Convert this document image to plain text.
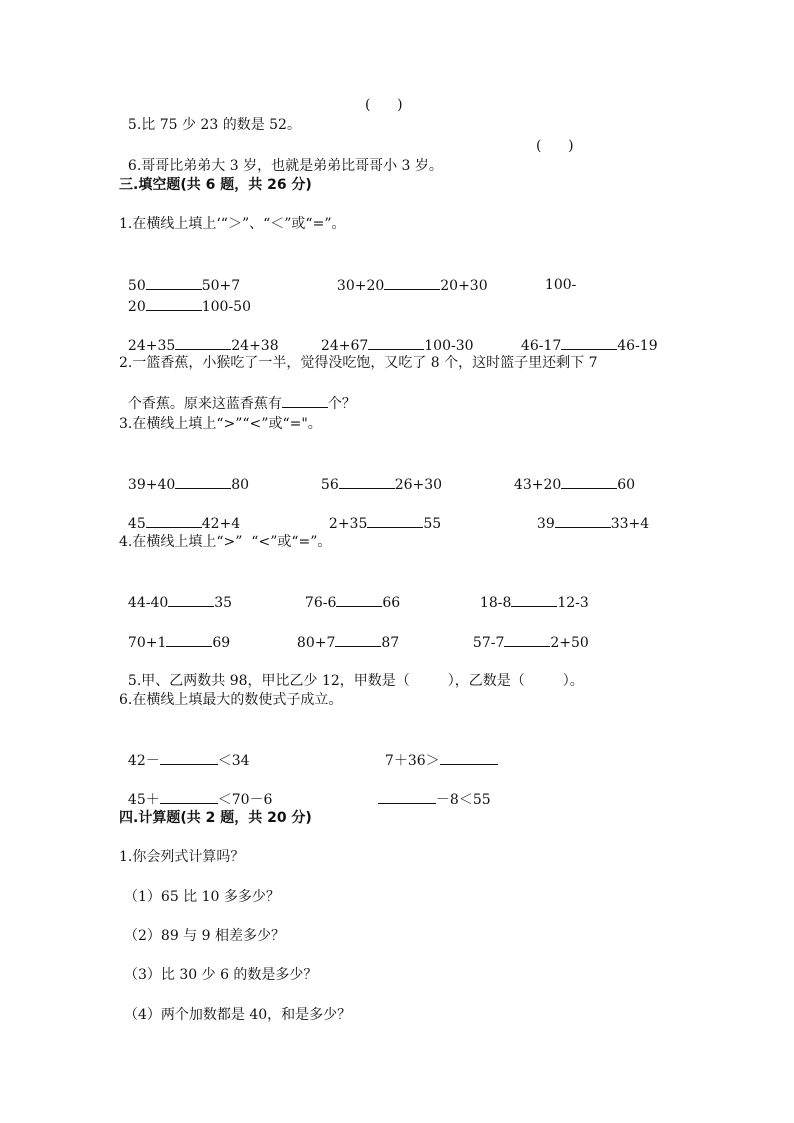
5.比 75 少 23 的数是 52。

(      )

6.哥哥比弟弟大 3 岁，也就是弟弟比哥哥小 3 岁。

(      )
三.填空题(共 6 题，共 26 分)
1.在横线上填上‘“＞”、“＜”或“=”。

50	50+7	30+20	20+30	100-

20	100-50

24+35	24+38	24+67	100-30	46-17	46-19

2.一篮香蕉，小猴吃了一半，觉得没吃饱，又吃了 8 个，这时篮子里还剩下 7

个香蕉。原来这蓝香蕉有	个？

3.在横线上填上“>”“<”或“="。

39+40	80	56	26+30	43+20	60

45	42+4	2+35	55	39	33+4

4.在横线上填上“>”  “<”或“=”。

44-40	35	76-6	66	18-8	12-3

70+1	69	80+7	87	57-7	2+50

5.甲、乙两数共 98，甲比乙少 12，甲数是（	），乙数是（	）。

6.在横线上填最大的数使式子成立。

42－	＜34	7＋36＞

45＋	＜70－6	－8＜55

四.计算题(共 2 题，共 20 分)
1.你会列式计算吗？
（1）65 比 10 多多少？
（2）89 与 9 相差多少？
（3）比 30 少 6 的数是多少？
（4）两个加数都是 40，和是多少？
